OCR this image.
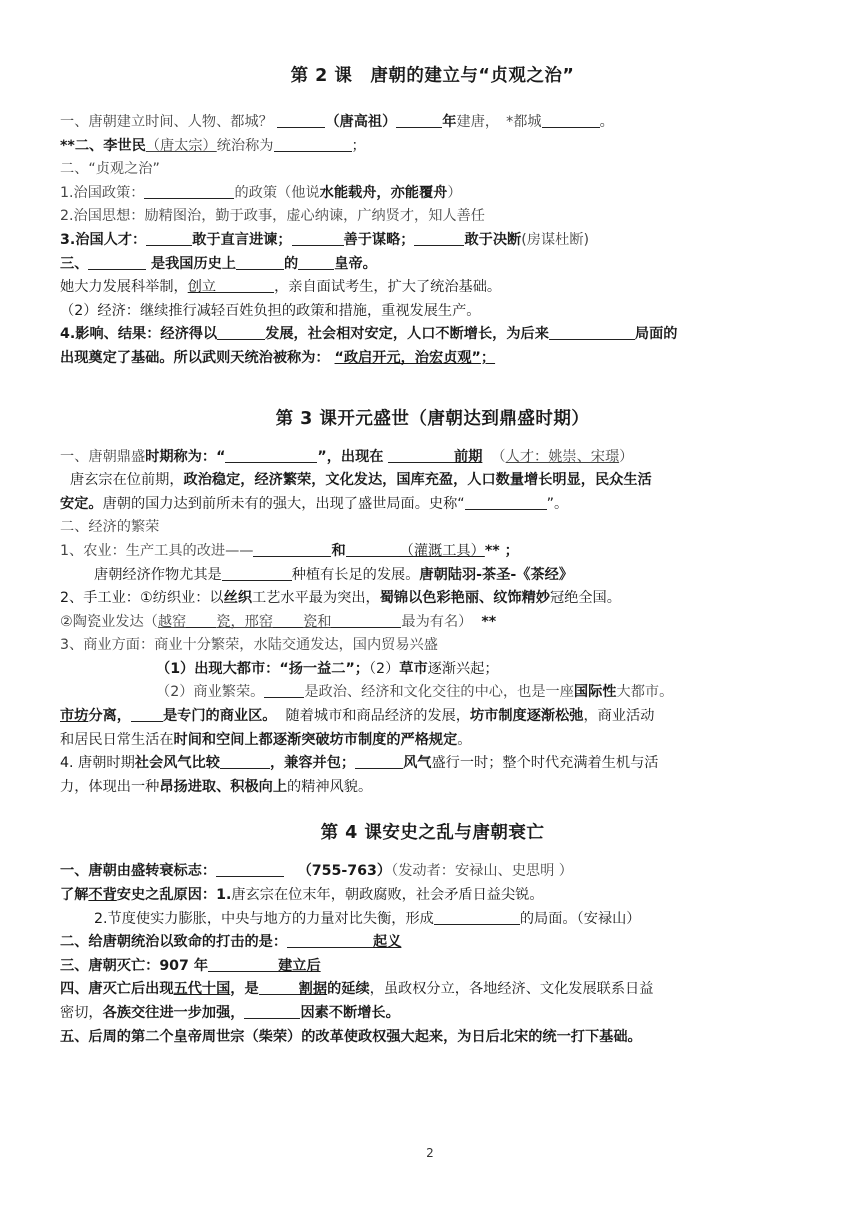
第 2 课　唐朝的建立与“贞观之治”

一、唐朝建立时间、人物、都城？	（唐高祖）	年建唐，　*都城	。

**二、李世民（唐太宗）统治称为	；

二、“贞观之治”

1.治国政策：	的政策（他说水能载舟，亦能覆舟）

2.治国思想：励精图治，勤于政事，虚心纳谏，广纳贤才，知人善任

3.治国人才：	敢于直言进谏；	善于谋略；	敢于决断(房谋杜断)

三、	是我国历史上	的	皇帝。

她大力发展科举制，创立	，亲自面试考生，扩大了统治基础。

（2）经济：继续推行减轻百姓负担的政策和措施，重视发展生产。

4.影响、结果：经济得以	发展，社会相对安定，人口不断增长，为后来	局面的

出现奠定了基础。所以武则天统治被称为： “政启开元，治宏贞观”；

第 3 课开元盛世（唐朝达到鼎盛时期）

一、唐朝鼎盛时期称为：“	”，出现在	前期 （人才：姚崇、宋璟）

唐玄宗在位前期，政治稳定，经济繁荣，文化发达，国库充盈，人口数量增长明显，民众生活

安定。唐朝的国力达到前所未有的强大，出现了盛世局面。史称“	”。

二、经济的繁荣

1、农业：生产工具的改进——	和	（灌溉工具）** ；

唐朝经济作物尤其是	种植有长足的发展。唐朝陆羽-茶圣-《茶经》

2、手工业：①纺织业：以丝织工艺水平最为突出，蜀锦以色彩艳丽、纹饰精妙冠绝全国。

②陶瓷业发达（越窑 瓷，邢窑 瓷和	最为有名） **

3、商业方面：商业十分繁荣，水陆交通发达，国内贸易兴盛

（1）出现大都市：“扬一益二”；（2）草市逐渐兴起；

（2）商业繁荣。	是政治、经济和文化交往的中心，也是一座国际性大都市。

市坊分离， 是专门的商业区。 随着城市和商品经济的发展，坊市制度逐渐松弛，商业活动

和居民日常生活在时间和空间上都逐渐突破坊市制度的严格规定。

4. 唐朝时期社会风气比较	，兼容并包；	风气盛行一时；整个时代充满着生机与活

力，体现出一种昂扬进取、积极向上的精神风貌。

第 4 课安史之乱与唐朝衰亡

一、唐朝由盛转衰标志：	（755-763）（发动者：安禄山、史思明 ）

了解不背安史之乱原因：1.唐玄宗在位末年，朝政腐败，社会矛盾日益尖锐。

2.节度使实力膨胀，中央与地方的力量对比失衡，形成	的局面。（安禄山）

二、给唐朝统治以致命的打击的是：	起义

三、唐朝灭亡：907 年	建立后

四、唐灭亡后出现五代十国，是	割据的延续，虽政权分立，各地经济、文化发展联系日益

密切，各族交往进一步加强，	因素不断增长。

五、后周的第二个皇帝周世宗（柴荣）的改革使政权强大起来，为日后北宋的统一打下基础。

2
